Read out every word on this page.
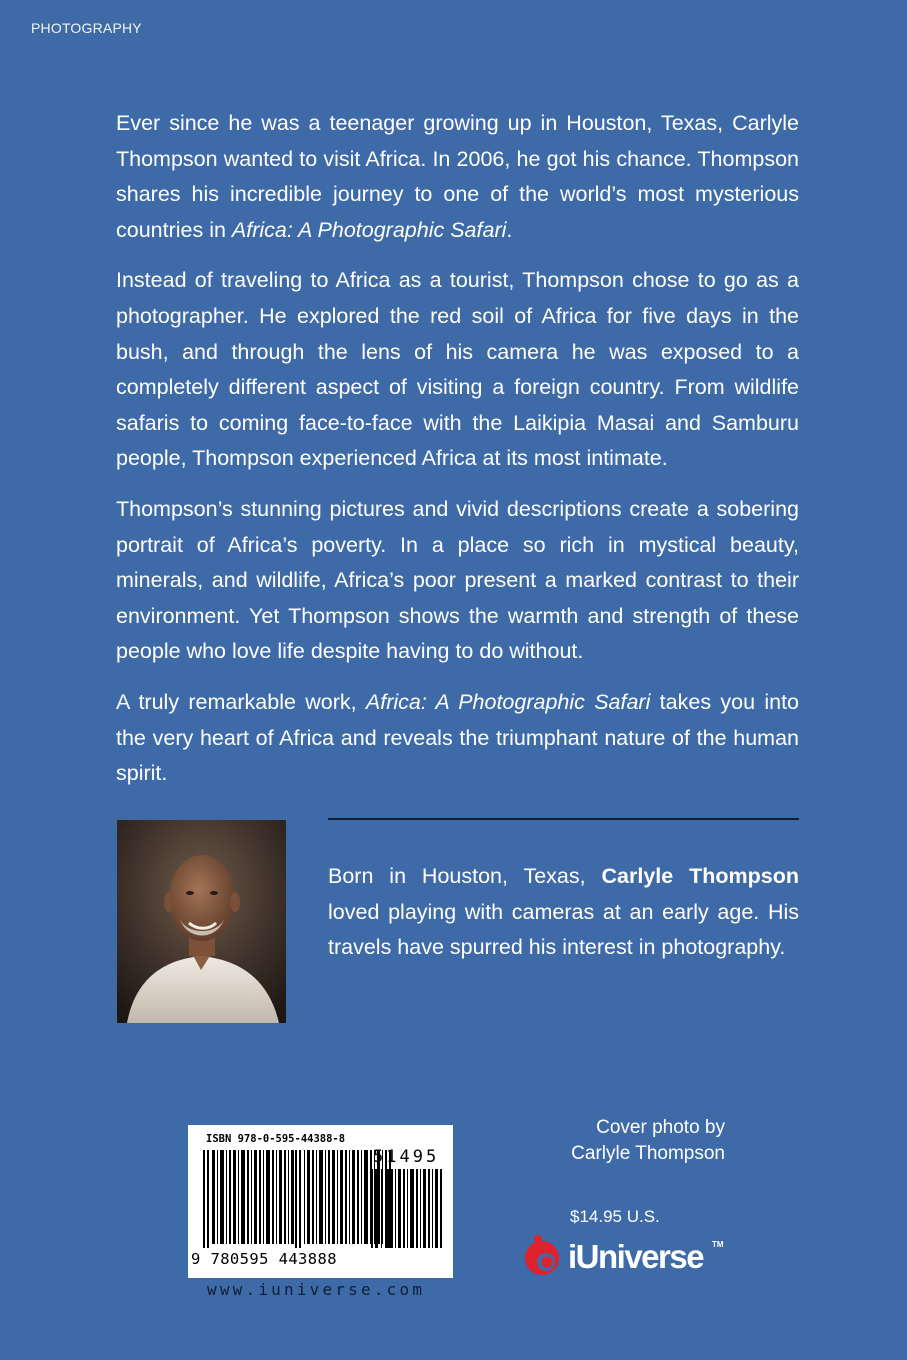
PHOTOGRAPHY

Ever since he was a teenager growing up in Houston, Texas, Carlyle Thompson wanted to visit Africa. In 2006, he got his chance. Thompson shares his incredible journey to one of the world’s most mysterious countries in Africa: A Photographic Safari.

Instead of traveling to Africa as a tourist, Thompson chose to go as a photographer. He explored the red soil of Africa for five days in the bush, and through the lens of his camera he was exposed to a completely different aspect of visiting a foreign country. From wildlife safaris to coming face-to-face with the Laikipia Masai and Samburu people, Thompson experienced Africa at its most intimate.

Thompson’s stunning pictures and vivid descriptions create a sobering portrait of Africa’s poverty. In a place so rich in mystical beauty, minerals, and wildlife, Africa’s poor present a marked contrast to their environment. Yet Thompson shows the warmth and strength of these people who love life despite having to do without.

A truly remarkable work, Africa: A Photographic Safari takes you into the very heart of Africa and reveals the triumphant nature of the human spirit.

Born in Houston, Texas, Carlyle Thompson loved playing with cameras at an early age. His travels have spurred his interest in photography.
ISBN 978-0-595-44388-8
51495
9 780595 443888
www.iuniverse.com
Cover photo by
Carlyle Thompson
$14.95 U.S.
iUniverse TM
